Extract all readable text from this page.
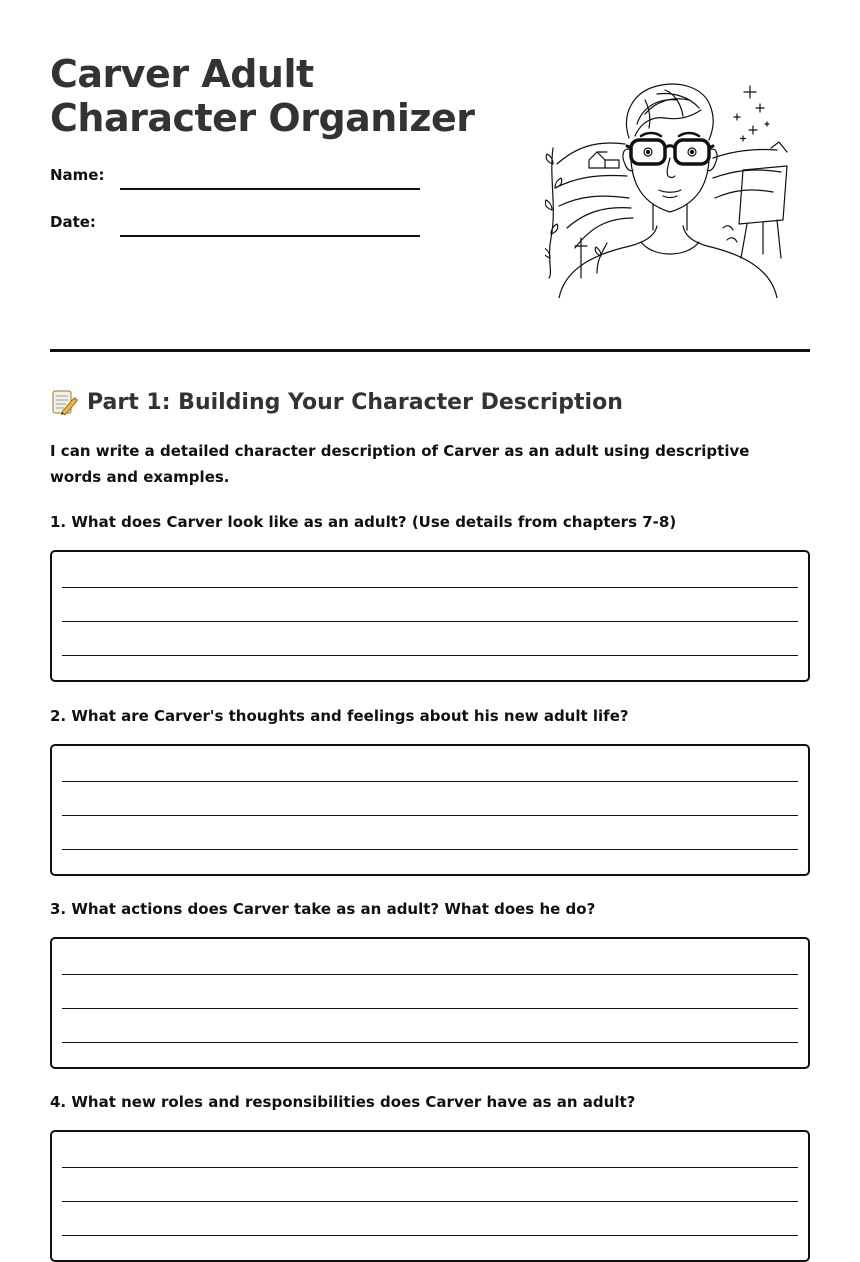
Carver Adult Character Organizer
Name:
Date:
Part 1: Building Your Character Description

I can write a detailed character description of Carver as an adult using descriptive words and examples.

1. What does Carver look like as an adult? (Use details from chapters 7-8)

2. What are Carver's thoughts and feelings about his new adult life?

3. What actions does Carver take as an adult? What does he do?

4. What new roles and responsibilities does Carver have as an adult?
